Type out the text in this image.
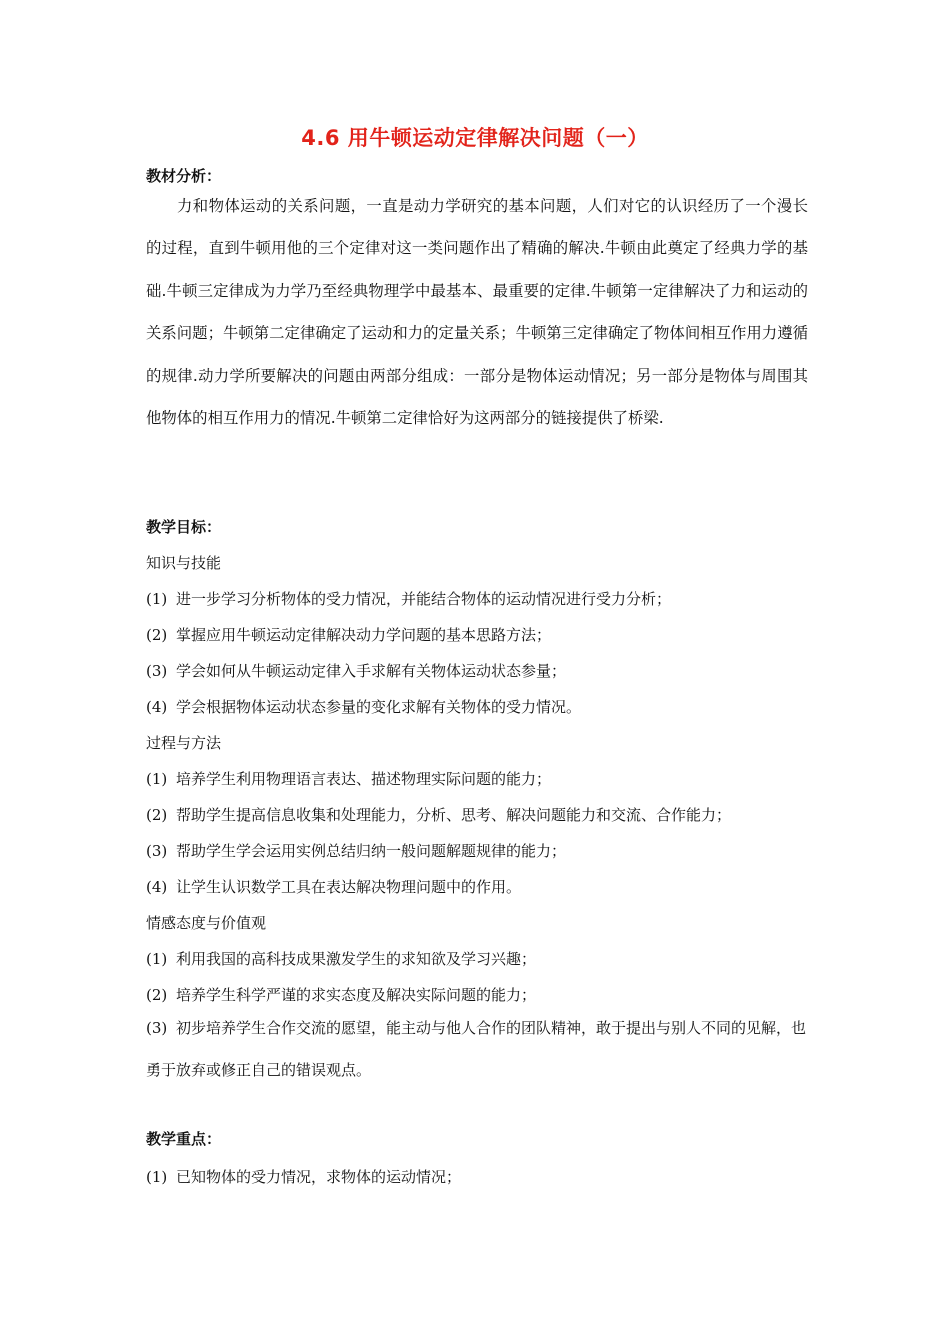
4.6 用牛顿运动定律解决问题（一）
教材分析：

力和物体运动的关系问题，一直是动力学研究的基本问题，人们对它的认识经历了一个漫长的过程，直到牛顿用他的三个定律对这一类问题作出了精确的解决.牛顿由此奠定了经典力学的基础.牛顿三定律成为力学乃至经典物理学中最基本、最重要的定律.牛顿第一定律解决了力和运动的关系问题；牛顿第二定律确定了运动和力的定量关系；牛顿第三定律确定了物体间相互作用力遵循的规律.动力学所要解决的问题由两部分组成：一部分是物体运动情况；另一部分是物体与周围其他物体的相互作用力的情况.牛顿第二定律恰好为这两部分的链接提供了桥梁.

教学目标：
知识与技能
(1) 进一步学习分析物体的受力情况，并能结合物体的运动情况进行受力分析；
(2) 掌握应用牛顿运动定律解决动力学问题的基本思路方法；
(3) 学会如何从牛顿运动定律入手求解有关物体运动状态参量；
(4) 学会根据物体运动状态参量的变化求解有关物体的受力情况。
过程与方法
(1) 培养学生利用物理语言表达、描述物理实际问题的能力；
(2) 帮助学生提高信息收集和处理能力，分析、思考、解决问题能力和交流、合作能力；
(3) 帮助学生学会运用实例总结归纳一般问题解题规律的能力；
(4) 让学生认识数学工具在表达解决物理问题中的作用。
情感态度与价值观
(1) 利用我国的高科技成果激发学生的求知欲及学习兴趣；
(2) 培养学生科学严谨的求实态度及解决实际问题的能力；

(3) 初步培养学生合作交流的愿望，能主动与他人合作的团队精神，敢于提出与别人不同的见解，也勇于放弃或修正自己的错误观点。

教学重点：
(1) 已知物体的受力情况，求物体的运动情况；
